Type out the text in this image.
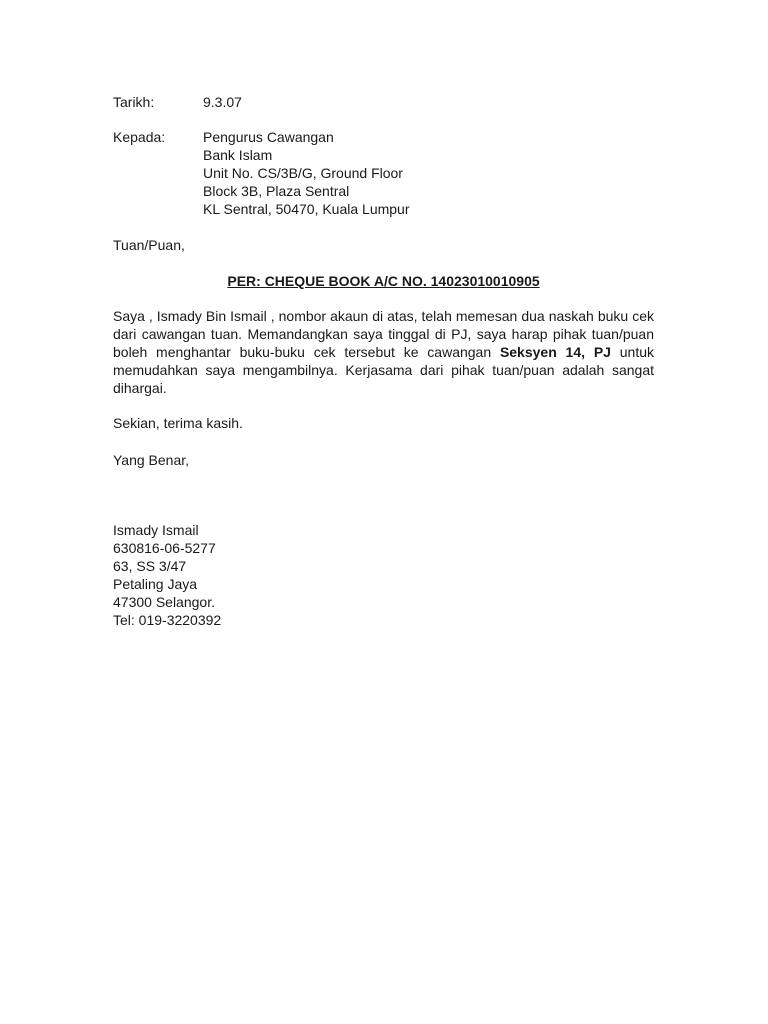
Tarikh:	9.3.07
Kepada:	Pengurus Cawangan
Bank Islam
Unit No. CS/3B/G, Ground Floor
Block 3B, Plaza Sentral
KL Sentral, 50470, Kuala Lumpur
Tuan/Puan,
PER: CHEQUE BOOK A/C NO. 14023010010905
Saya , Ismady Bin Ismail , nombor akaun di atas, telah memesan dua naskah buku cek dari cawangan tuan. Memandangkan saya tinggal di PJ, saya harap pihak tuan/puan boleh menghantar buku-buku cek tersebut ke cawangan Seksyen 14, PJ untuk memudahkan saya mengambilnya. Kerjasama dari pihak tuan/puan adalah sangat dihargai.
Sekian, terima kasih.
Yang Benar,
Ismady Ismail
630816-06-5277
63, SS 3/47
Petaling Jaya
47300 Selangor.
Tel: 019-3220392
